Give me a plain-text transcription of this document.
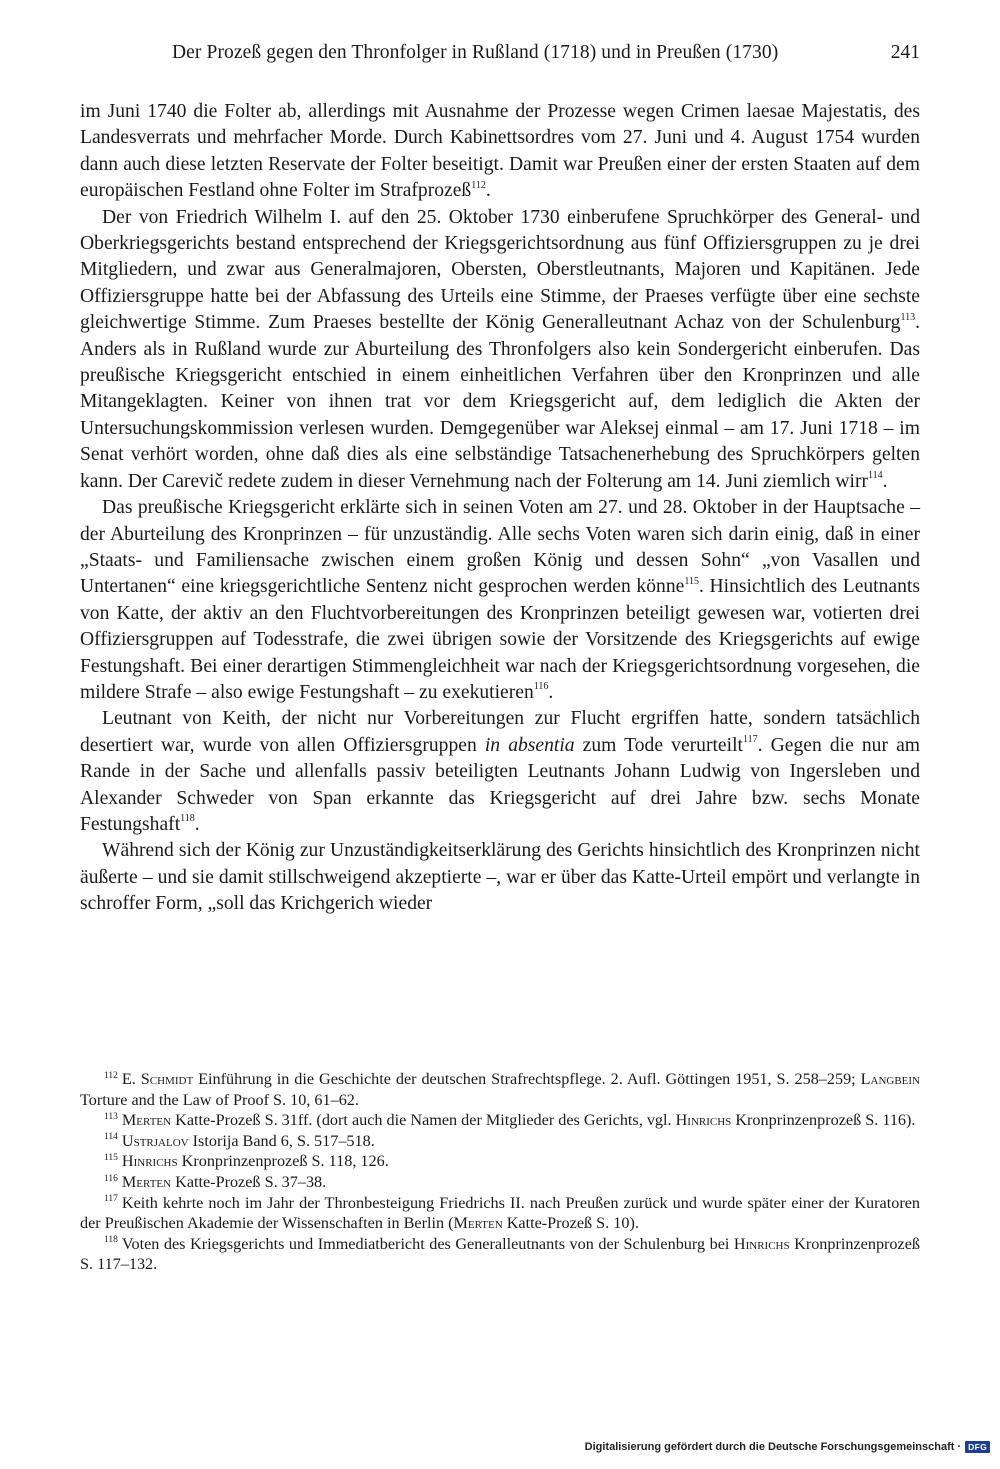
Der Prozeß gegen den Thronfolger in Rußland (1718) und in Preußen (1730)	241

im Juni 1740 die Folter ab, allerdings mit Ausnahme der Prozesse wegen Crimen laesae Majestatis, des Landesverrats und mehrfacher Morde. Durch Kabinettsordres vom 27. Juni und 4. August 1754 wurden dann auch diese letzten Reservate der Folter beseitigt. Damit war Preußen einer der ersten Staaten auf dem europäischen Festland ohne Folter im Strafprozeß$^{112}$.

Der von Friedrich Wilhelm I. auf den 25. Oktober 1730 einberufene Spruchkörper des General- und Oberkriegsgerichts bestand entsprechend der Kriegsgerichtsordnung aus fünf Offiziersgruppen zu je drei Mitgliedern, und zwar aus Generalmajoren, Obersten, Oberstleutnants, Majoren und Kapitänen. Jede Offiziersgruppe hatte bei der Abfassung des Urteils eine Stimme, der Praeses verfügte über eine sechste gleichwertige Stimme. Zum Praeses bestellte der König Generalleutnant Achaz von der Schulenburg$^{113}$. Anders als in Rußland wurde zur Aburteilung des Thronfolgers also kein Sondergericht einberufen. Das preußische Kriegsgericht entschied in einem einheitlichen Verfahren über den Kronprinzen und alle Mitangeklagten. Keiner von ihnen trat vor dem Kriegsgericht auf, dem lediglich die Akten der Untersuchungskommission verlesen wurden. Demgegenüber war Aleksej einmal – am 17. Juni 1718 – im Senat verhört worden, ohne daß dies als eine selbständige Tatsachenerhebung des Spruchkörpers gelten kann. Der Carevič redete zudem in dieser Vernehmung nach der Folterung am 14. Juni ziemlich wirr$^{114}$.

Das preußische Kriegsgericht erklärte sich in seinen Voten am 27. und 28. Oktober in der Hauptsache – der Aburteilung des Kronprinzen – für unzuständig. Alle sechs Voten waren sich darin einig, daß in einer „Staats- und Familiensache zwischen einem großen König und dessen Sohn“ „von Vasallen und Untertanen“ eine kriegsgerichtliche Sentenz nicht gesprochen werden könne$^{115}$. Hinsichtlich des Leutnants von Katte, der aktiv an den Fluchtvorbereitungen des Kronprinzen beteiligt gewesen war, votierten drei Offiziersgruppen auf Todesstrafe, die zwei übrigen sowie der Vorsitzende des Kriegsgerichts auf ewige Festungshaft. Bei einer derartigen Stimmengleichheit war nach der Kriegsgerichtsordnung vorgesehen, die mildere Strafe – also ewige Festungshaft – zu exekutieren$^{116}$.

Leutnant von Keith, der nicht nur Vorbereitungen zur Flucht ergriffen hatte, sondern tatsächlich desertiert war, wurde von allen Offiziersgruppen in absentia zum Tode verurteilt$^{117}$. Gegen die nur am Rande in der Sache und allenfalls passiv beteiligten Leutnants Johann Ludwig von Ingersleben und Alexander Schweder von Span erkannte das Kriegsgericht auf drei Jahre bzw. sechs Monate Festungshaft$^{118}$.

Während sich der König zur Unzuständigkeitserklärung des Gerichts hinsichtlich des Kronprinzen nicht äußerte – und sie damit stillschweigend akzeptierte –, war er über das Katte-Urteil empört und verlangte in schroffer Form, „soll das Krichgerich wieder

$^{112}$ E. Schmidt Einführung in die Geschichte der deutschen Strafrechtspflege. 2. Aufl. Göttingen 1951, S. 258–259; Langbein Torture and the Law of Proof S. 10, 61–62.
$^{113}$ Merten Katte-Prozeß S. 31ff. (dort auch die Namen der Mitglieder des Gerichts, vgl. Hinrichs Kronprinzenprozeß S. 116).
$^{114}$ Ustrjalov Istorija Band 6, S. 517–518.
$^{115}$ Hinrichs Kronprinzenprozeß S. 118, 126.
$^{116}$ Merten Katte-Prozeß S. 37–38.
$^{117}$ Keith kehrte noch im Jahr der Thronbesteigung Friedrichs II. nach Preußen zurück und wurde später einer der Kuratoren der Preußischen Akademie der Wissenschaften in Berlin (Merten Katte-Prozeß S. 10).
$^{118}$ Voten des Kriegsgerichts und Immediatbericht des Generalleutnants von der Schulenburg bei Hinrichs Kronprinzenprozeß S. 117–132.
Digitalisierung gefördert durch die Deutsche Forschungsgemeinschaft · DFG
